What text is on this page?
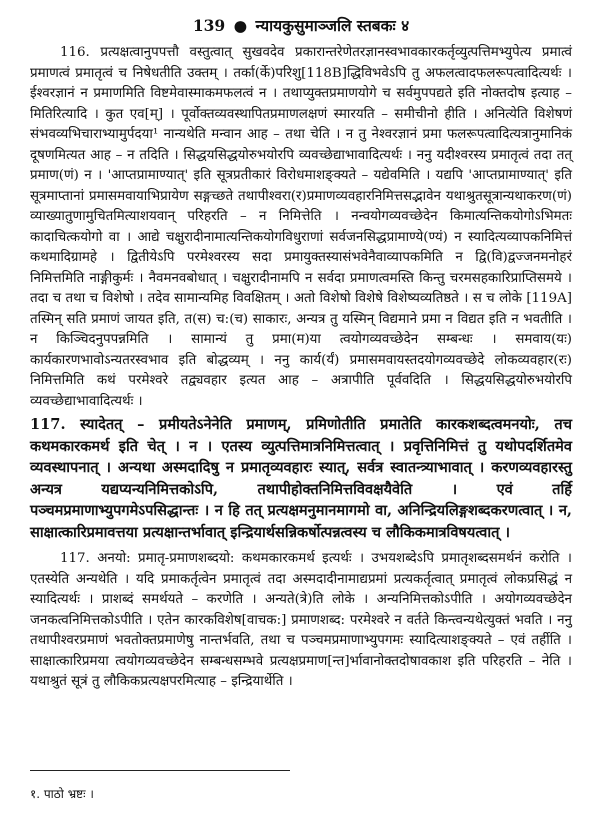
139 ● न्यायकुसुमाञ्जलि स्तबकः ४

116. प्रत्यक्षत्वानुपपत्तौ वस्तुत्वात् सुखवदेव प्रकारान्तरेणेतरज्ञानस्वभावकारकर्तृव्युत्पत्तिमभ्युपेत्य प्रमात्वं प्रमाणत्वं प्रमातृत्वं च निषेधतीति उक्तम् । तर्का(र्के)परिशु[118B]द्धिविभवेऽपि तु अफलत्वादफलरूपत्वादित्यर्थः । ईश्वरज्ञानं न प्रमाणमिति विष्टमेवास्माकमफलत्वं न । तथाप्युक्तप्रमाणयोगे च सर्वमुपपद्यते इति नोक्तदोष इत्याह – मितिरित्यादि । कुत एव[म्] । पूर्वोक्तव्यवस्थापितप्रमाणलक्षणं स्मारयति – समीचीनो हीति । अनित्येति विशेषणं संभवव्यभिचाराभ्यामुर्पदया¹ नान्यथेति मन्वान आह – तथा चेति । न तु नेश्वरज्ञानं प्रमा फलरूपत्वादित्यत्रानुमानिकं दूषणमित्यत आह – न तदिति । सिद्धयसिद्धयोरुभयोरपि व्यवच्छेद्याभावादित्यर्थः । ननु यदीश्वरस्य प्रमातृत्वं तदा तत् प्रमाण(णं) न । 'आप्तप्रामाण्यात्' इति सूत्रप्रतीकारं विरोधमाशङ्क्यते – यद्येवमिति । यद्यपि 'आप्तप्रामाण्यात्' इति सूत्रमाप्तानां प्रमासमवायाभिप्रायेण सङ्गच्छते तथापीश्वरा(र)प्रमाणव्यवहारनिमित्तसद्भावेन यथाश्रुतसूत्रान्यथाकरण(णं) व्याख्यातुणामुचितमित्याशयवान् परिहरति – न निमित्तेति । नन्वयोगव्यवच्छेदेन किमात्यन्तिकयोगोऽभिमतः कादाचित्कयोगो वा । आद्ये चक्षुरादीनामात्यन्तिकयोगविधुराणां सर्वजनसिद्धप्रामाण्ये(ण्यं) न स्यादित्यव्यापकनिमित्तं कथमादिग्रामहे । द्वितीयेऽपि परमेश्वरस्य सदा प्रमायुक्तस्यासंभवेनैवाव्यापकमिति न द्वि(वि)द्वज्जनमनोहरं निमित्तमिति नाङ्गीकुर्मः । नैवमनवबोधात् । चक्षुरादीनामपि न सर्वदा प्रमाणत्वमस्ति किन्तु चरमसहकारिप्राप्तिसमये । तदा च तथा च विशेषो । तदेव सामान्यमिह विवक्षितम् । अतो विशेषो विशेषे विशेष्यव्यतिष्ठते । स च लोके [119A] तस्मिन् सति प्रमाणं जायत इति, त(स) च:(च) साकारः, अन्यत्र तु यस्मिन् विद्यमाने प्रमा न विद्यत इति न भवतीति । न किञ्चिदनुपपन्नमिति । सामान्यं तु प्रमा(म)या त्वयोगव्यवच्छेदेन सम्बन्धः । समवाय(यः) कार्यकारणभावोऽन्यतरस्वभाव इति बोद्धव्यम् । ननु कार्य(र्यं) प्रमासमवायस्तदयोगव्यवच्छेदे लोकव्यवहार(रः) निमित्तमिति कथं परमेश्वरे तद्व्यवहार इत्यत आह – अत्रापीति पूर्ववदिति । सिद्धयसिद्धयोरुभयोरपि व्यवच्छेद्याभावादित्यर्थः ।

117. स्यादेतत् – प्रमीयतेऽनेनेति प्रमाणम्, प्रमिणोतीति प्रमातेति कारकशब्दत्वमनयोः, तच कथमकारकमर्थ इति चेत् । न । एतस्य व्युत्पत्तिमात्रनिमित्तत्वात् । प्रवृत्तिनिमित्तं तु यथोपदर्शितमेव व्यवस्थापनात् । अन्यथा अस्मदादिषु न प्रमातृव्यवहारः स्यात्, सर्वत्र स्वातन्त्र्याभावात् । करणव्यवहारस्तु अन्यत्र यद्यप्यन्यनिमित्तकोऽपि, तथापीहोक्तनिमित्तविवक्षयैवेति । एवं तर्हि पञ्चमप्रमाणाभ्युपगमेऽपसिद्धान्तः । न हि तत् प्रत्यक्षमनुमानमागमो वा, अनिन्द्रियलिङ्गशब्दकरणत्वात् । न, साक्षात्कारिप्रमावत्तया प्रत्यक्षान्तर्भावात् इन्द्रियार्थसन्निकर्षोत्पन्नत्वस्य च लौकिकमात्रविषयत्वात् ।

117. अनयो: प्रमातृ-प्रमाणशब्दयो: कथमकारकमर्थ इत्यर्थः । उभयशब्देऽपि प्रमातृशब्दसमर्थनं करोति । एतस्येति अन्यथेति । यदि प्रमाकर्तृत्वेन प्रमातृत्वं तदा अस्मदादीनामाद्यप्रमां प्रत्यकर्तृत्वात् प्रमातृत्वं लोकप्रसिद्धं न स्यादित्यर्थः । प्राशब्दं समर्थयते – करणेति । अन्यते(त्रे)ति लोके । अन्यनिमित्तकोऽपीति । अयोगव्यवच्छेदेन जनकत्वनिमित्तकोऽपीति । एतेन कारकविशेष[वाचक:] प्रमाणशब्द: परमेश्वरे न वर्तते किन्त्वन्यथेत्युक्तं भवति । ननु तथापीश्वरप्रमाणं भवतोक्तप्रमाणेषु नान्तर्भवति, तथा च पञ्चमप्रमाणाभ्युपगमः स्यादित्याशङ्क्यते – एवं तर्हीति । साक्षात्कारिप्रमया त्वयोगव्यवच्छेदेन सम्बन्धसम्भवे प्रत्यक्षप्रमाण[न्त]र्भावानोक्तदोषावकाश इति परिहरति – नेति । यथाश्रुतं सूत्रं तु लौकिकप्रत्यक्षपरमित्याह – इन्द्रियार्थेति ।

१. पाठो भ्रष्टः ।
